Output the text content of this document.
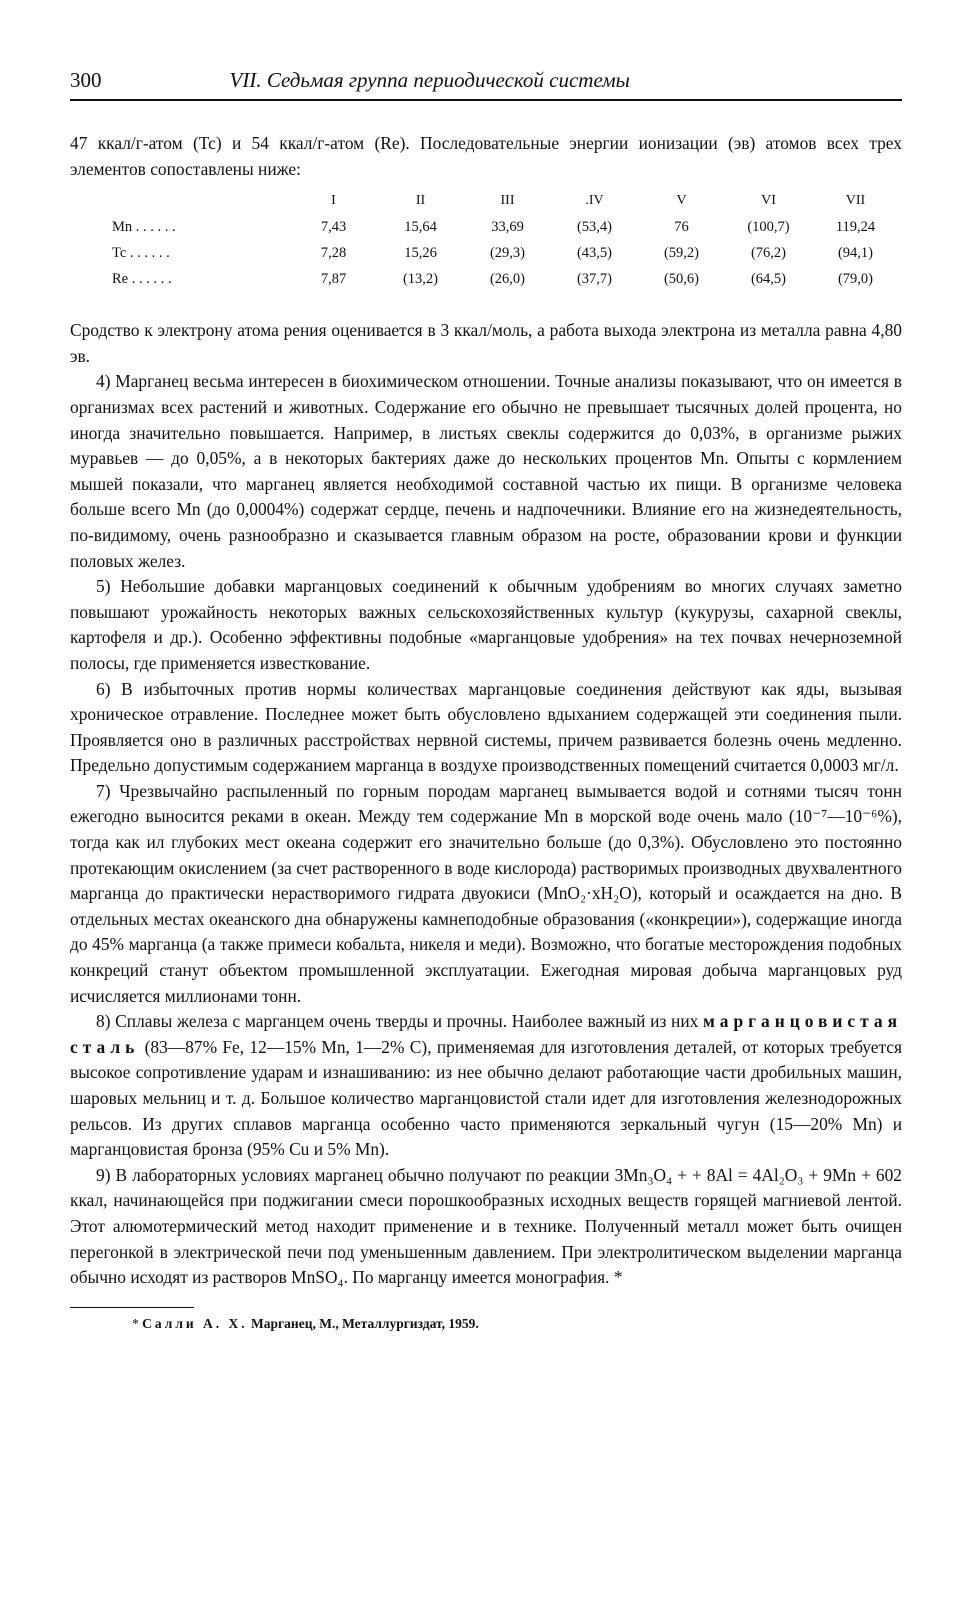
300	VII. Седьмая группа периодической системы

47 ккал/г-атом (Tc) и 54 ккал/г-атом (Re). Последовательные энергии ионизации (эв) атомов всех трех элементов сопоставлены ниже:

	I	II	III	.IV	V	VI	VII
Mn . . . . . .	7,43	15,64	33,69	(53,4)	76	(100,7)	119,24
Tc . . . . . .	7,28	15,26	(29,3)	(43,5)	(59,2)	(76,2)	(94,1)
Re . . . . . .	7,87	(13,2)	(26,0)	(37,7)	(50,6)	(64,5)	(79,0)

Сродство к электрону атома рения оценивается в 3 ккал/моль, а работа выхода электрона из металла равна 4,80 эв.

4) Марганец весьма интересен в биохимическом отношении. Точные анализы показывают, что он имеется в организмах всех растений и животных. Содержание его обычно не превышает тысячных долей процента, но иногда значительно повышается. Например, в листьях свеклы содержится до 0,03%, в организме рыжих муравьев — до 0,05%, а в некоторых бактериях даже до нескольких процентов Mn. Опыты с кормлением мышей показали, что марганец является необходимой составной частью их пищи. В организме человека больше всего Mn (до 0,0004%) содержат сердце, печень и надпочечники. Влияние его на жизнедеятельность, по-видимому, очень разнообразно и сказывается главным образом на росте, образовании крови и функции половых желез.

5) Небольшие добавки марганцовых соединений к обычным удобрениям во многих случаях заметно повышают урожайность некоторых важных сельскохозяйственных культур (кукурузы, сахарной свеклы, картофеля и др.). Особенно эффективны подобные «марганцовые удобрения» на тех почвах нечерноземной полосы, где применяется известкование.

6) В избыточных против нормы количествах марганцовые соединения действуют как яды, вызывая хроническое отравление. Последнее может быть обусловлено вдыханием содержащей эти соединения пыли. Проявляется оно в различных расстройствах нервной системы, причем развивается болезнь очень медленно. Предельно допустимым содержанием марганца в воздухе производственных помещений считается 0,0003 мг/л.

7) Чрезвычайно распыленный по горным породам марганец вымывается водой и сотнями тысяч тонн ежегодно выносится реками в океан. Между тем содержание Mn в морской воде очень мало (10⁻⁷—10⁻⁶%), тогда как ил глубоких мест океана содержит его значительно больше (до 0,3%). Обусловлено это постоянно протекающим окислением (за счет растворенного в воде кислорода) растворимых производных двухвалентного марганца до практически нерастворимого гидрата двуокиси (MnO₂·xH₂O), который и осаждается на дно. В отдельных местах океанского дна обнаружены камнеподобные образования («конкреции»), содержащие иногда до 45% марганца (а также примеси кобальта, никеля и меди). Возможно, что богатые месторождения подобных конкреций станут объектом промышленной эксплуатации. Ежегодная мировая добыча марганцовых руд исчисляется миллионами тонн.

8) Сплавы железа с марганцем очень тверды и прочны. Наиболее важный из них марганцовистая сталь (83—87% Fe, 12—15% Mn, 1—2% C), применяемая для изготовления деталей, от которых требуется высокое сопротивление ударам и изнашиванию: из нее обычно делают работающие части дробильных машин, шаровых мельниц и т. д. Большое количество марганцовистой стали идет для изготовления железнодорожных рельсов. Из других сплавов марганца особенно часто применяются зеркальный чугун (15—20% Mn) и марганцовистая бронза (95% Cu и 5% Mn).

9) В лабораторных условиях марганец обычно получают по реакции 3Mn₃O₄ + + 8Al = 4Al₂O₃ + 9Mn + 602 ккал, начинающейся при поджигании смеси порошкообразных исходных веществ горящей магниевой лентой. Этот алюмотермический метод находит применение и в технике. Полученный металл может быть очищен перегонкой в электрической печи под уменьшенным давлением. При электролитическом выделении марганца обычно исходят из растворов MnSO₄. По марганцу имеется монография. *

* Салли А. Х. Марганец, М., Металлургиздат, 1959.
